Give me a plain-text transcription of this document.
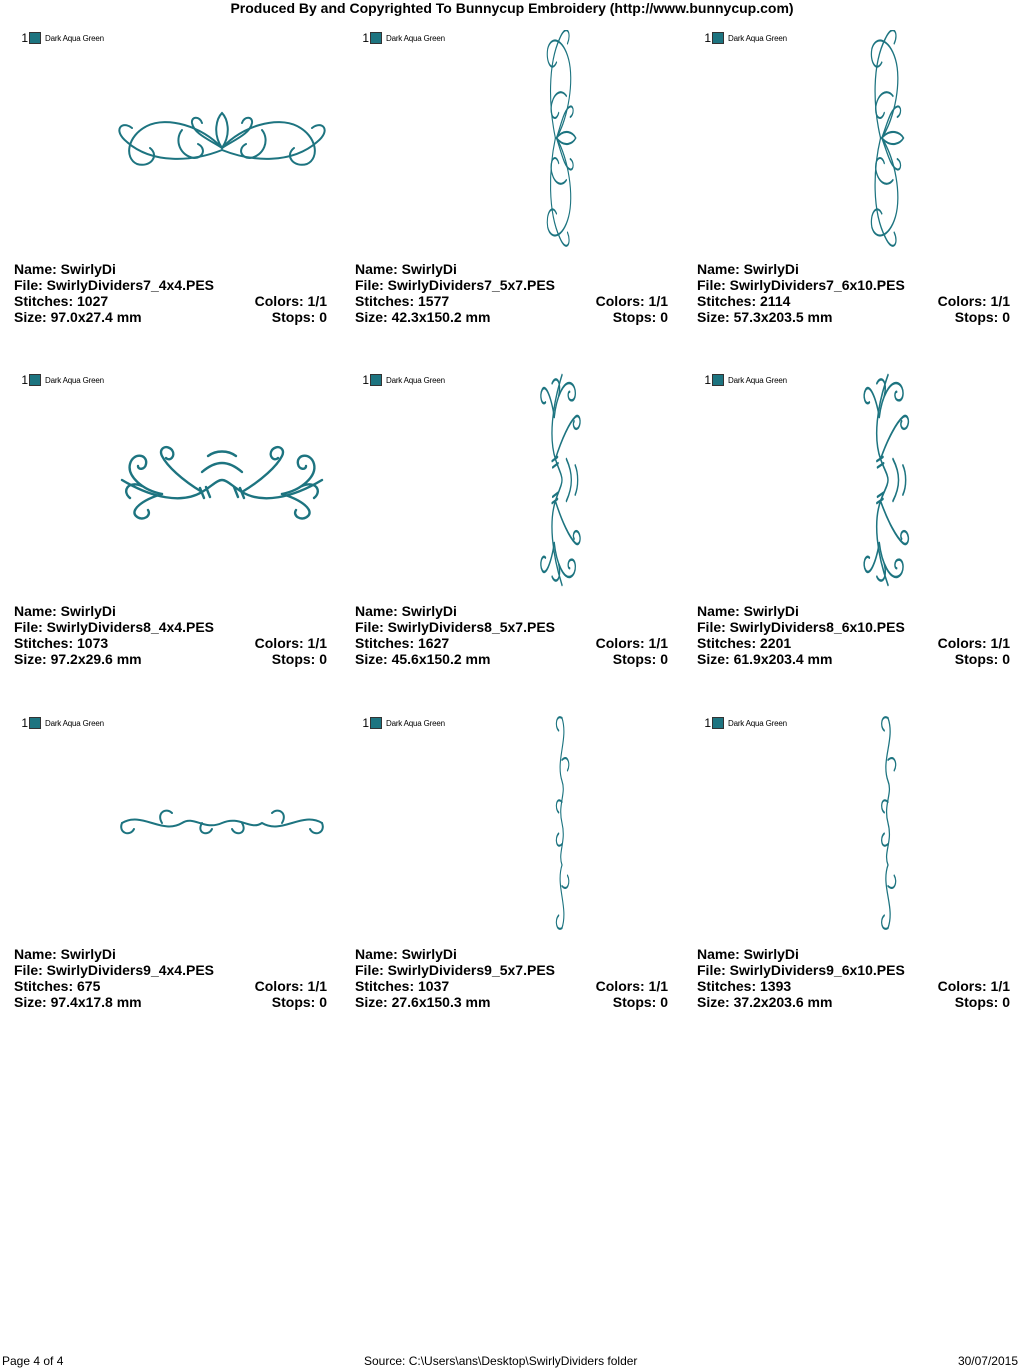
Produced By and Copyrighted To Bunnycup Embroidery (http://www.bunnycup.com)
1 Dark Aqua Green
Name: SwirlyDi
File: SwirlyDividers7_4x4.PES
Stitches: 1027	Colors: 1/1
Size: 97.0x27.4 mm	Stops: 0
1 Dark Aqua Green
Name: SwirlyDi
File: SwirlyDividers7_5x7.PES
Stitches: 1577	Colors: 1/1
Size: 42.3x150.2 mm	Stops: 0
1 Dark Aqua Green
Name: SwirlyDi
File: SwirlyDividers7_6x10.PES
Stitches: 2114	Colors: 1/1
Size: 57.3x203.5 mm	Stops: 0
1 Dark Aqua Green
Name: SwirlyDi
File: SwirlyDividers8_4x4.PES
Stitches: 1073	Colors: 1/1
Size: 97.2x29.6 mm	Stops: 0
1 Dark Aqua Green
Name: SwirlyDi
File: SwirlyDividers8_5x7.PES
Stitches: 1627	Colors: 1/1
Size: 45.6x150.2 mm	Stops: 0
1 Dark Aqua Green
Name: SwirlyDi
File: SwirlyDividers8_6x10.PES
Stitches: 2201	Colors: 1/1
Size: 61.9x203.4 mm	Stops: 0
1 Dark Aqua Green
Name: SwirlyDi
File: SwirlyDividers9_4x4.PES
Stitches: 675	Colors: 1/1
Size: 97.4x17.8 mm	Stops: 0
1 Dark Aqua Green
Name: SwirlyDi
File: SwirlyDividers9_5x7.PES
Stitches: 1037	Colors: 1/1
Size: 27.6x150.3 mm	Stops: 0
1 Dark Aqua Green
Name: SwirlyDi
File: SwirlyDividers9_6x10.PES
Stitches: 1393	Colors: 1/1
Size: 37.2x203.6 mm	Stops: 0
Page 4 of 4	Source: C:\Users\ans\Desktop\SwirlyDividers folder	30/07/2015
